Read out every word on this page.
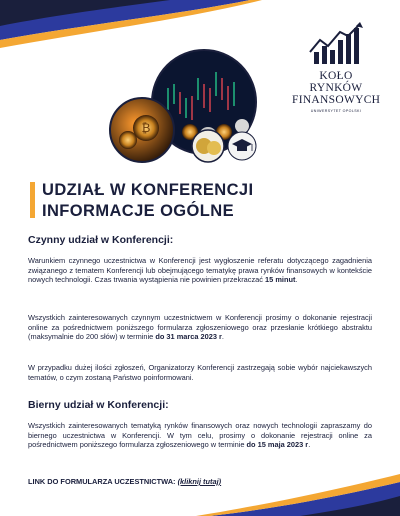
KOŁO RYNKÓW
FINANSOWYCH
UNIWERSYTET OPOLSKI
₿
UDZIAŁ W KONFERENCJI
INFORMACJE OGÓLNE
Czynny udział w Konferencji:
Warunkiem czynnego uczestnictwa w Konferencji jest wygłoszenie referatu dotyczącego zagadnienia związanego z tematem Konferencji lub obejmującego tematykę prawa rynków finansowych w kontekście nowych technologii. Czas trwania wystąpienia nie powinien przekraczać 15 minut.
Wszystkich zainteresowanych czynnym uczestnictwem w Konferencji prosimy o dokonanie rejestracji online za pośrednictwem poniższego formularza zgłoszeniowego oraz przesłanie krótkiego abstraktu (maksymalnie do 200 słów) w terminie do 31 marca 2023 r.
W przypadku dużej ilości zgłoszeń, Organizatorzy Konferencji zastrzegają sobie wybór najciekawszych tematów, o czym zostaną Państwo poinformowani.
Bierny udział w Konferencji:
Wszystkich zainteresowanych tematyką rynków finansowych oraz nowych technologii zapraszamy do biernego uczestnictwa w Konferencji. W tym celu, prosimy o dokonanie rejestracji online za pośrednictwem poniższego formularza zgłoszeniowego w terminie do 15 maja 2023 r.
LINK DO FORMULARZA UCZESTNICTWA: (kliknij tutaj)
